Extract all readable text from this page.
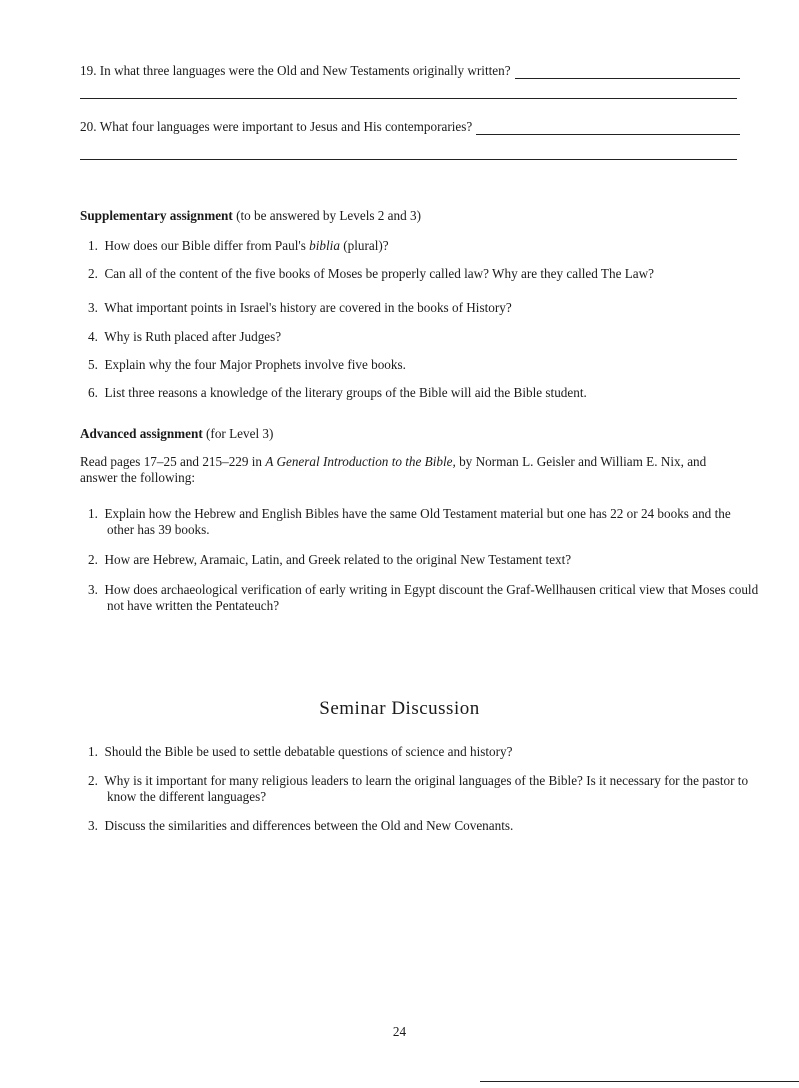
19.
In what three languages were the Old and New Testaments originally written?
20.
What four languages were important to Jesus and His contemporaries?
Supplementary assignment (to be answered by Levels 2 and 3)
1. How does our Bible differ from Paul's biblia (plural)?
2. Can all of the content of the five books of Moses be properly called law? Why are they called The Law?
3. What important points in Israel's history are covered in the books of History?
4. Why is Ruth placed after Judges?
5. Explain why the four Major Prophets involve five books.
6. List three reasons a knowledge of the literary groups of the Bible will aid the Bible student.
Advanced assignment (for Level 3)
Read pages 17–25 and 215–229 in A General Introduction to the Bible, by Norman L. Geisler and William E. Nix, and answer the following:
1. Explain how the Hebrew and English Bibles have the same Old Testament material but one has 22 or 24 books and the other has 39 books.
2. How are Hebrew, Aramaic, Latin, and Greek related to the original New Testament text?
3. How does archaeological verification of early writing in Egypt discount the Graf-Wellhausen critical view that Moses could not have written the Pentateuch?
Seminar Discussion
1. Should the Bible be used to settle debatable questions of science and history?
2. Why is it important for many religious leaders to learn the original languages of the Bible? Is it necessary for the pastor to know the different languages?
3. Discuss the similarities and differences between the Old and New Covenants.
24
